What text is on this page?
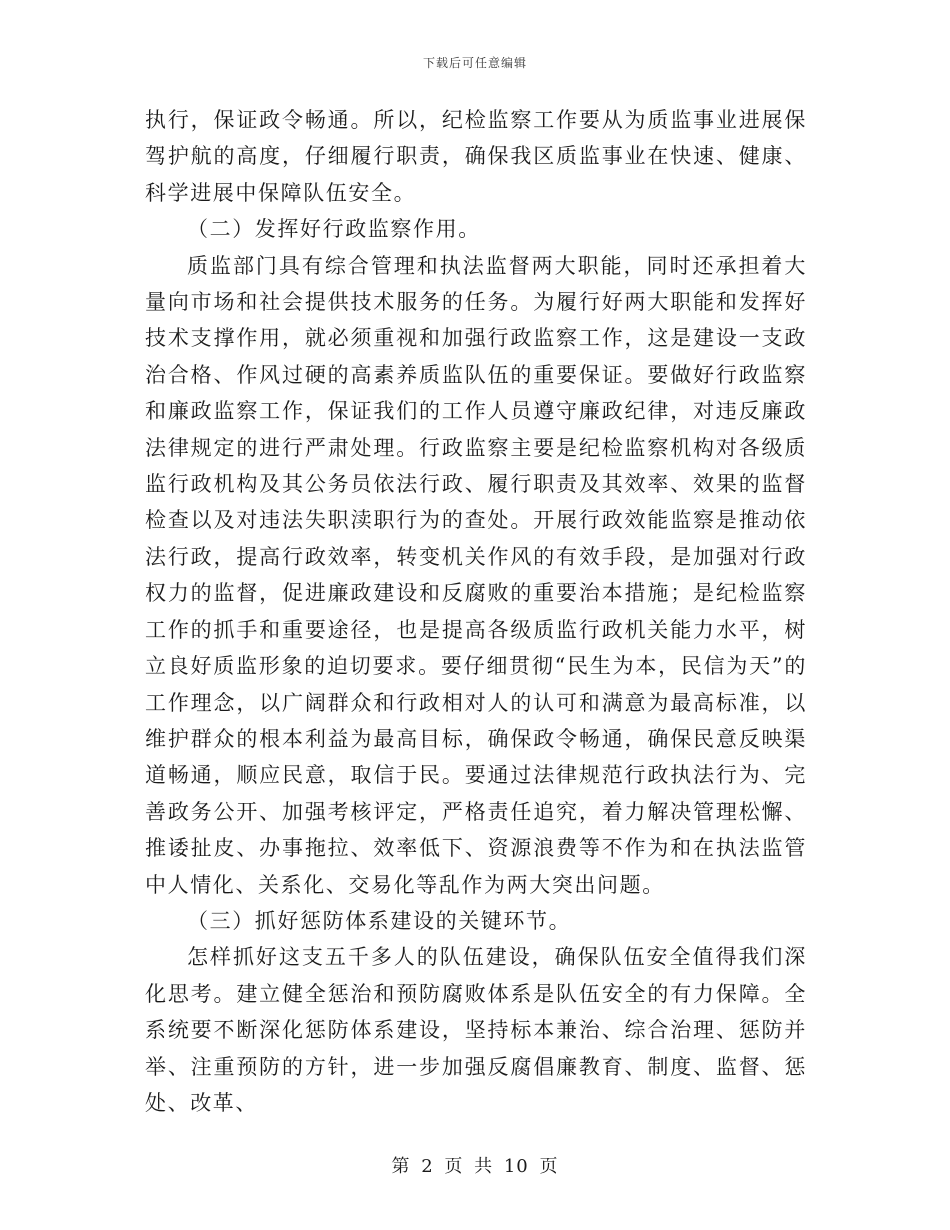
下载后可任意编辑

执行，保证政令畅通。所以，纪检监察工作要从为质监事业进展保驾护航的高度，仔细履行职责，确保我区质监事业在快速、健康、科学进展中保障队伍安全。

（二）发挥好行政监察作用。

质监部门具有综合管理和执法监督两大职能，同时还承担着大量向市场和社会提供技术服务的任务。为履行好两大职能和发挥好技术支撑作用，就必须重视和加强行政监察工作，这是建设一支政治合格、作风过硬的高素养质监队伍的重要保证。要做好行政监察和廉政监察工作，保证我们的工作人员遵守廉政纪律，对违反廉政法律规定的进行严肃处理。行政监察主要是纪检监察机构对各级质监行政机构及其公务员依法行政、履行职责及其效率、效果的监督检查以及对违法失职渎职行为的查处。开展行政效能监察是推动依法行政，提高行政效率，转变机关作风的有效手段，是加强对行政权力的监督，促进廉政建设和反腐败的重要治本措施；是纪检监察工作的抓手和重要途径，也是提高各级质监行政机关能力水平，树立良好质监形象的迫切要求。要仔细贯彻“民生为本，民信为天”的工作理念，以广阔群众和行政相对人的认可和满意为最高标准，以维护群众的根本利益为最高目标，确保政令畅通，确保民意反映渠道畅通，顺应民意，取信于民。要通过法律规范行政执法行为、完善政务公开、加强考核评定，严格责任追究，着力解决管理松懈、推诿扯皮、办事拖拉、效率低下、资源浪费等不作为和在执法监管中人情化、关系化、交易化等乱作为两大突出问题。

（三）抓好惩防体系建设的关键环节。

怎样抓好这支五千多人的队伍建设，确保队伍安全值得我们深化思考。建立健全惩治和预防腐败体系是队伍安全的有力保障。全系统要不断深化惩防体系建设，坚持标本兼治、综合治理、惩防并举、注重预防的方针，进一步加强反腐倡廉教育、制度、监督、惩处、改革、

第 2 页 共 10 页
